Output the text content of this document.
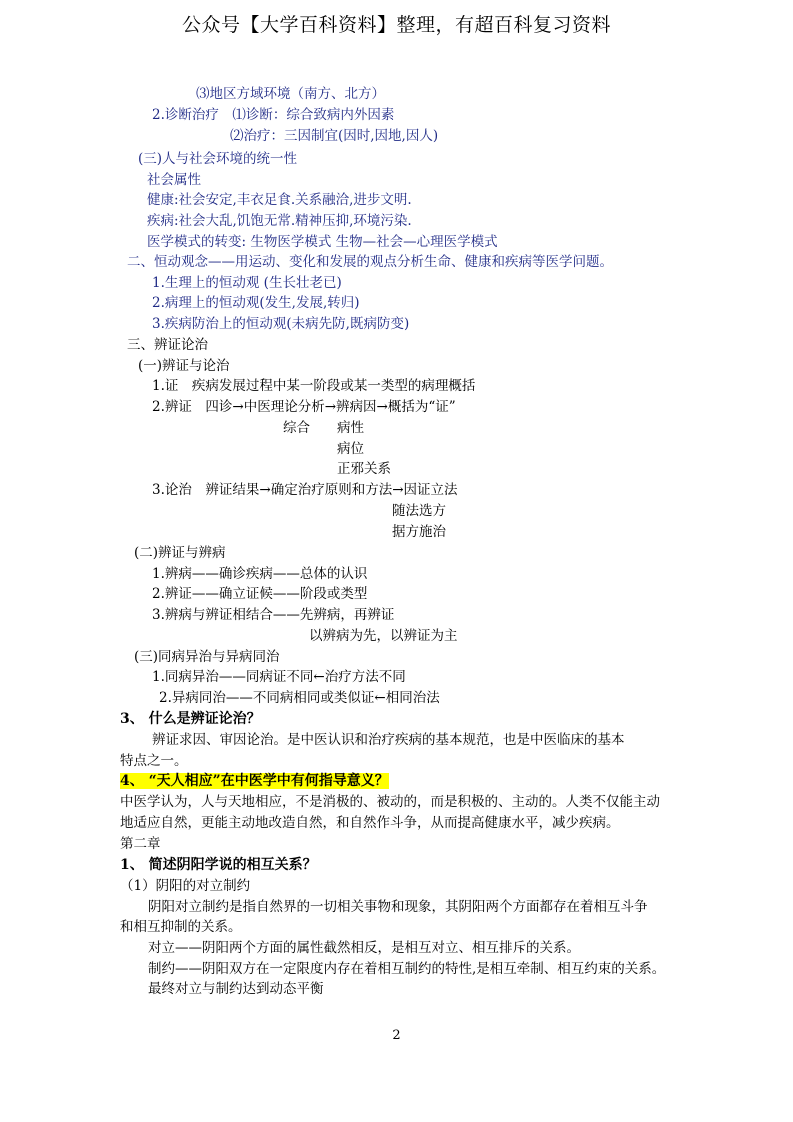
公众号【大学百科资料】整理，有超百科复习资料
⑶地区方域环境（南方、北方）
2.诊断治疗　⑴诊断：综合致病内外因素
⑵治疗：三因制宜(因时,因地,因人)
(三)人与社会环境的统一性
社会属性
健康:社会安定,丰衣足食.关系融洽,进步文明.
疾病:社会大乱,饥饱无常.精神压抑,环境污染.
医学模式的转变: 生物医学模式 生物—社会—心理医学模式
二、恒动观念——用运动、变化和发展的观点分析生命、健康和疾病等医学问题。
1.生理上的恒动观 (生长壮老已)
2.病理上的恒动观(发生,发展,转归)
3.疾病防治上的恒动观(未病先防,既病防变)
三、辨证论治
(一)辨证与论治
1.证　疾病发展过程中某一阶段或某一类型的病理概括
2.辨证　四诊→中医理论分析→辨病因→概括为“证”
综合 病性
病位
正邪关系
3.论治　辨证结果→确定治疗原则和方法→因证立法
随法选方
据方施治
(二)辨证与辨病
1.辨病——确诊疾病——总体的认识
2.辨证——确立证候——阶段或类型
3.辨病与辨证相结合——先辨病，再辨证
以辨病为先，以辨证为主
(三)同病异治与异病同治
1.同病异治——同病证不同←治疗方法不同
2.异病同治——不同病相同或类似证←相同治法
3、 什么是辨证论治？
辨证求因、审因论治。是中医认识和治疗疾病的基本规范，也是中医临床的基本
特点之一。
4、 “天人相应”在中医学中有何指导意义？
中医学认为，人与天地相应，不是消极的、被动的，而是积极的、主动的。人类不仅能主动
地适应自然，更能主动地改造自然，和自然作斗争，从而提高健康水平，减少疾病。
第二章
1、 简述阴阳学说的相互关系？
（1）阴阳的对立制约
阴阳对立制约是指自然界的一切相关事物和现象，其阴阳两个方面都存在着相互斗争
和相互抑制的关系。
对立——阴阳两个方面的属性截然相反，是相互对立、相互排斥的关系。
制约——阴阳双方在一定限度内存在着相互制约的特性,是相互牵制、相互约束的关系。
最终对立与制约达到动态平衡
2
